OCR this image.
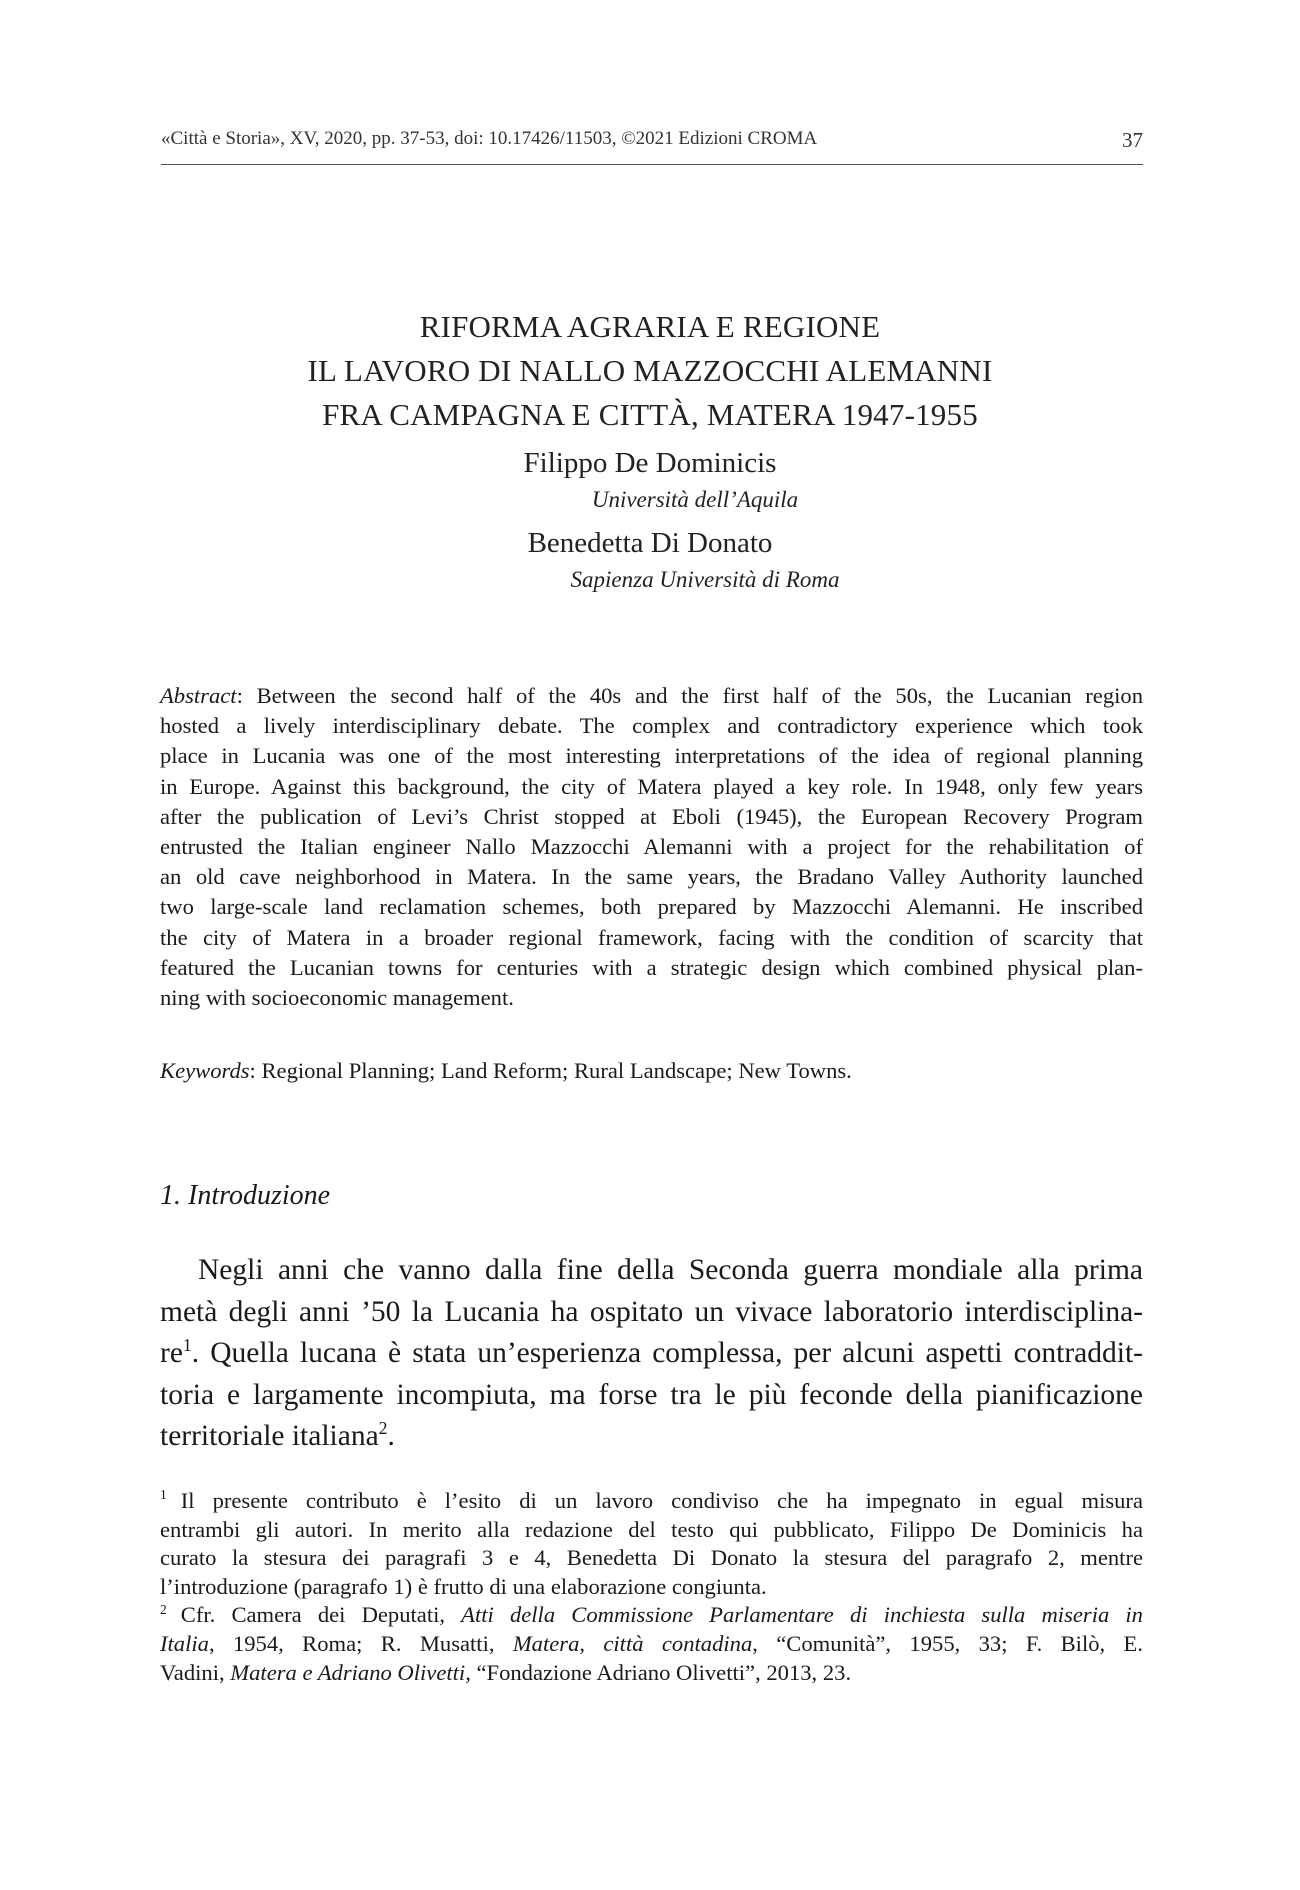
«Città e Storia», XV, 2020, pp. 37-53, doi: 10.17426/11503, ©2021 Edizioni CROMA	37
RIFORMA AGRARIA E REGIONE
IL LAVORO DI NALLO MAZZOCCHI ALEMANNI
FRA CAMPAGNA E CITTÀ, MATERA 1947-1955
Filippo De Dominicis
Università dell’Aquila
Benedetta Di Donato
Sapienza Università di Roma
Abstract: Between the second half of the 40s and the first half of the 50s, the Lucanian region
hosted a lively interdisciplinary debate. The complex and contradictory experience which took
place in Lucania was one of the most interesting interpretations of the idea of regional planning
in Europe. Against this background, the city of Matera played a key role. In 1948, only few years
after the publication of Levi’s Christ stopped at Eboli (1945), the European Recovery Program
entrusted the Italian engineer Nallo Mazzocchi Alemanni with a project for the rehabilitation of
an old cave neighborhood in Matera. In the same years, the Bradano Valley Authority launched
two large-scale land reclamation schemes, both prepared by Mazzocchi Alemanni. He inscribed
the city of Matera in a broader regional framework, facing with the condition of scarcity that
featured the Lucanian towns for centuries with a strategic design which combined physical plan-
ning with socioeconomic management.
Keywords: Regional Planning; Land Reform; Rural Landscape; New Towns.
1. Introduzione
Negli anni che vanno dalla fine della Seconda guerra mondiale alla prima
metà degli anni ’50 la Lucania ha ospitato un vivace laboratorio interdisciplina-
$re^1$. Quella lucana è stata un’esperienza complessa, per alcuni aspetti contraddit-
toria e largamente incompiuta, ma forse tra le più feconde della pianificazione
territoriale italiana$^2$.
$^1$ Il presente contributo è l’esito di un lavoro condiviso che ha impegnato in egual misura
entrambi gli autori. In merito alla redazione del testo qui pubblicato, Filippo De Dominicis ha
curato la stesura dei paragrafi 3 e 4, Benedetta Di Donato la stesura del paragrafo 2, mentre
l’introduzione (paragrafo 1) è frutto di una elaborazione congiunta.
$^2$ Cfr. Camera dei Deputati, Atti della Commissione Parlamentare di inchiesta sulla miseria in
Italia, 1954, Roma; R. Musatti, Matera, città contadina, “Comunità”, 1955, 33; F. Bilò, E.
Vadini, Matera e Adriano Olivetti, “Fondazione Adriano Olivetti”, 2013, 23.
